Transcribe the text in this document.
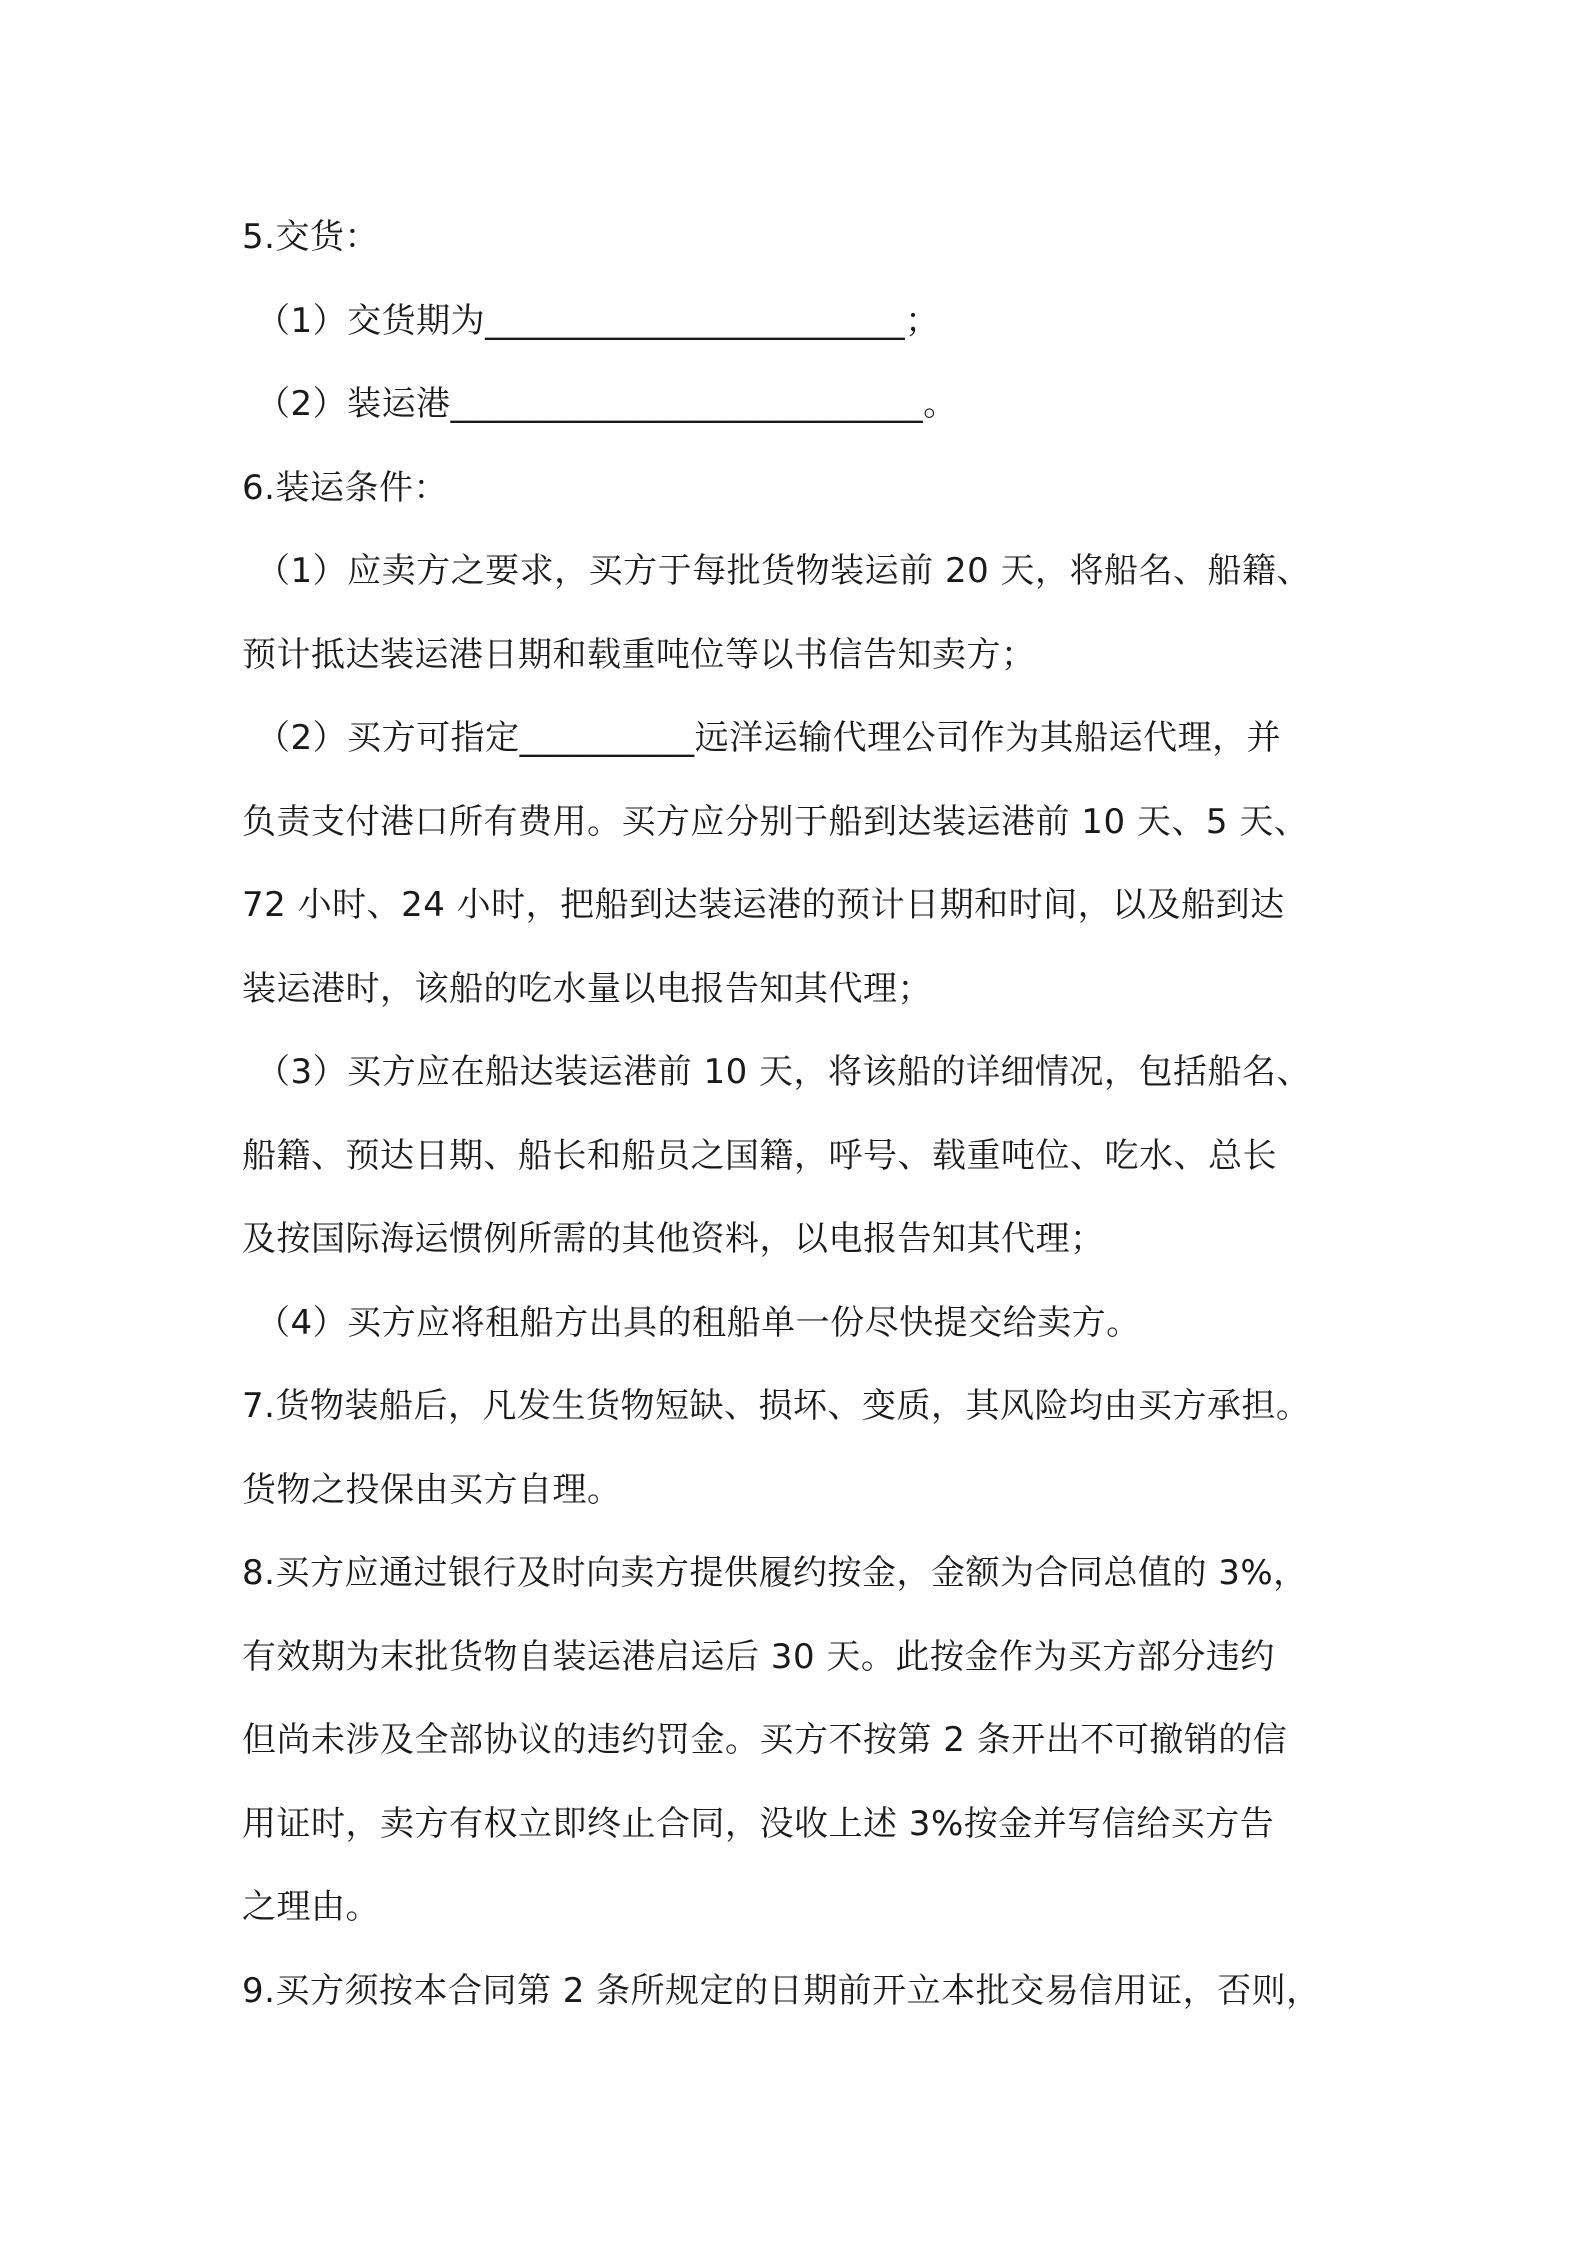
5.交货：
（1）交货期为________________________；
（2）装运港___________________________。
6.装运条件：
（1）应卖方之要求，买方于每批货物装运前 20 天，将船名、船籍、
预计抵达装运港日期和载重吨位等以书信告知卖方；
（2）买方可指定__________远洋运输代理公司作为其船运代理，并
负责支付港口所有费用。买方应分别于船到达装运港前 10 天、5 天、
72 小时、24 小时，把船到达装运港的预计日期和时间，以及船到达
装运港时，该船的吃水量以电报告知其代理；
（3）买方应在船达装运港前 10 天，将该船的详细情况，包括船名、
船籍、预达日期、船长和船员之国籍，呼号、载重吨位、吃水、总长
及按国际海运惯例所需的其他资料，以电报告知其代理；
（4）买方应将租船方出具的租船单一份尽快提交给卖方。
7.货物装船后，凡发生货物短缺、损坏、变质，其风险均由买方承担。
货物之投保由买方自理。
8.买方应通过银行及时向卖方提供履约按金，金额为合同总值的 3%，
有效期为末批货物自装运港启运后 30 天。此按金作为买方部分违约
但尚未涉及全部协议的违约罚金。买方不按第 2 条开出不可撤销的信
用证时，卖方有权立即终止合同，没收上述 3%按金并写信给买方告
之理由。
9.买方须按本合同第 2 条所规定的日期前开立本批交易信用证，否则，
